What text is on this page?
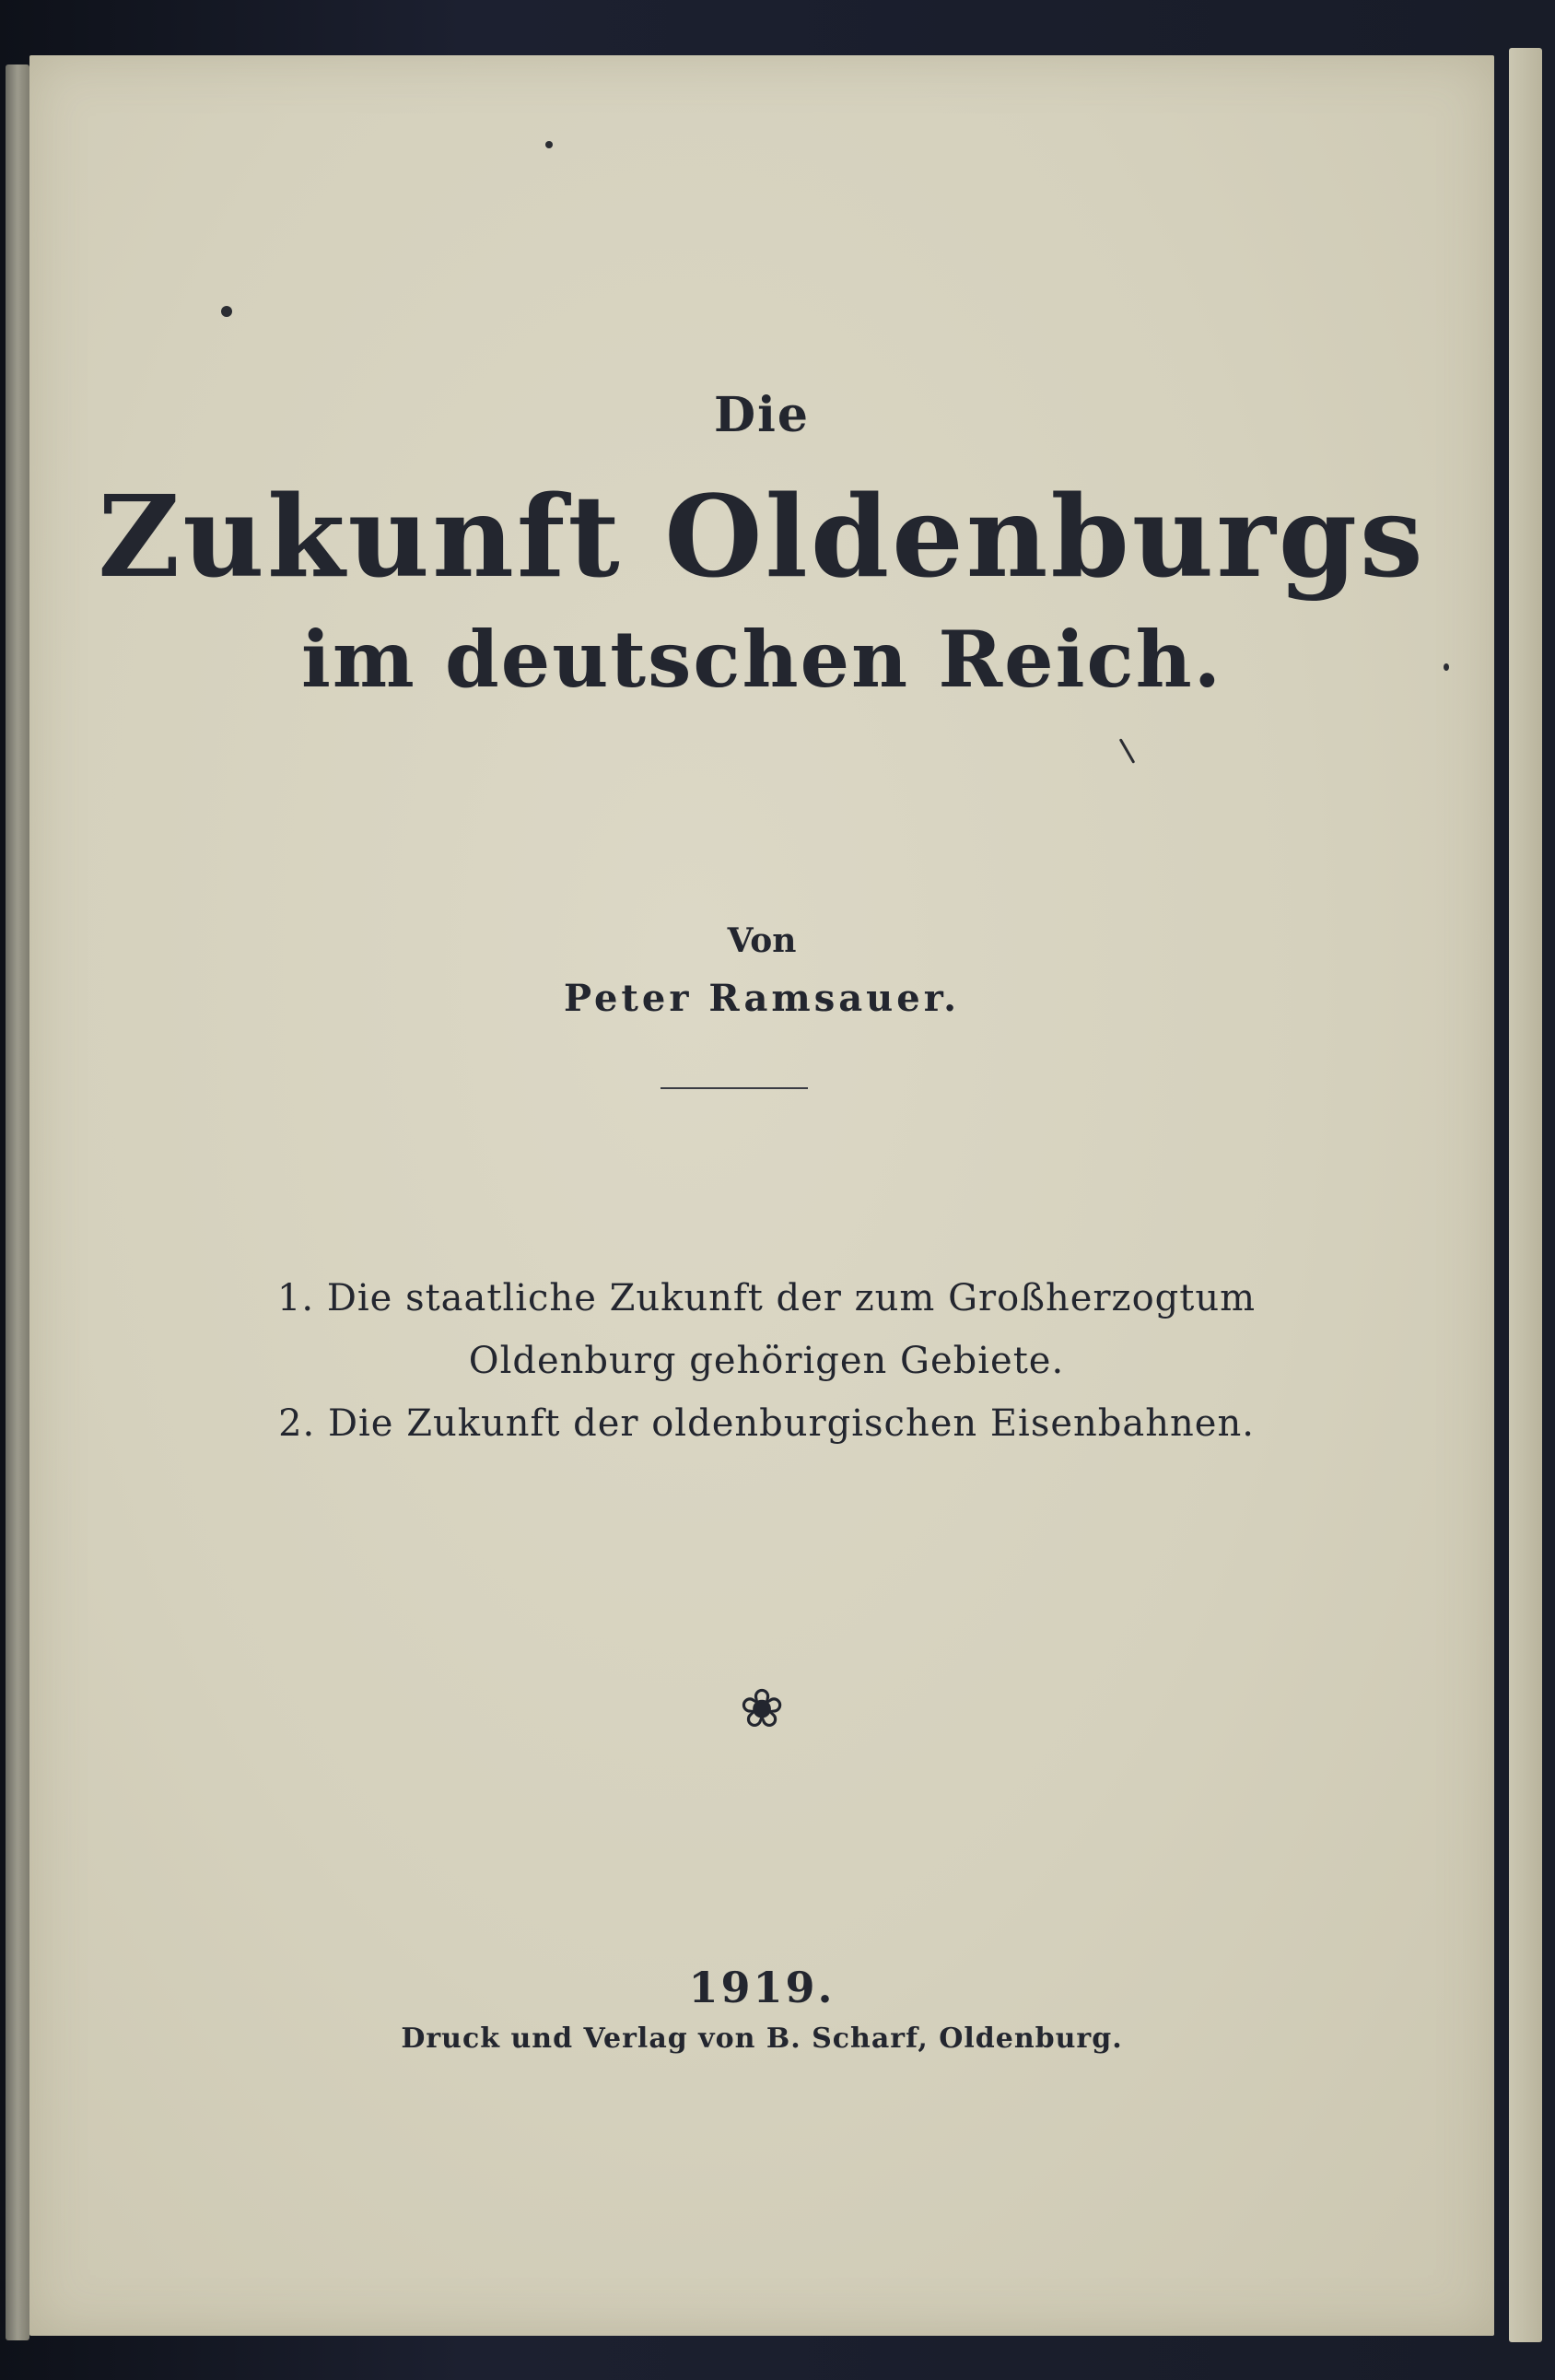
Die
Zukunft Oldenburgs
im deutschen Reich.
Von
Peter Ramsauer.
1. Die staatliche Zukunft der zum Großherzogtum
Oldenburg gehörigen Gebiete.
2. Die Zukunft der oldenburgischen Eisenbahnen.
❀
1919.
Druck und Verlag von B. Scharf, Oldenburg.
